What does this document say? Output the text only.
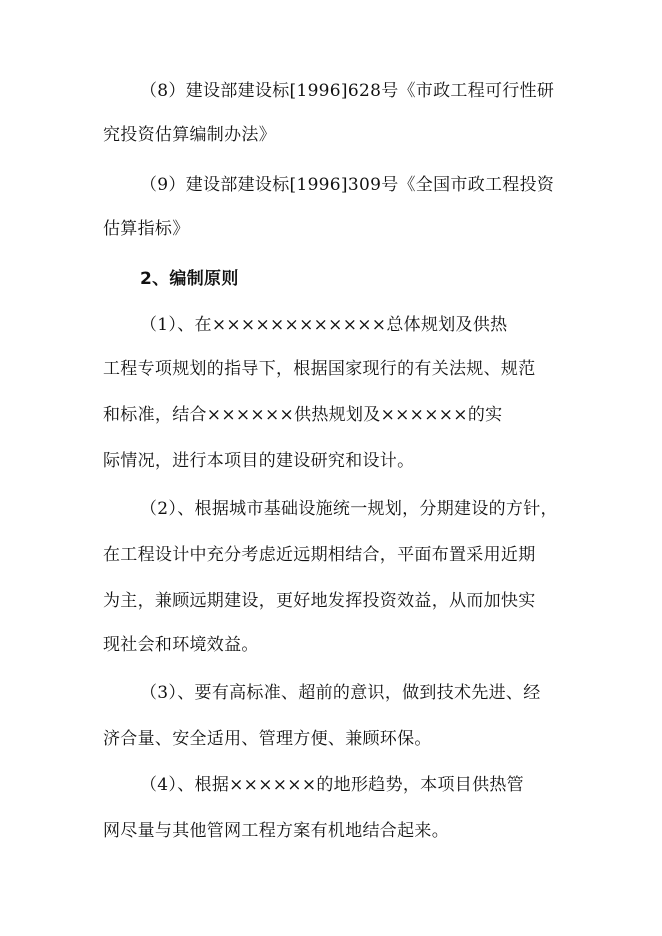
（8）建设部建设标[1996]628号《市政工程可行性研
究投资估算编制办法》
（9）建设部建设标[1996]309号《全国市政工程投资
估算指标》
2、编制原则
（1）、在××××××××××××总体规划及供热
工程专项规划的指导下，根据国家现行的有关法规、规范
和标准，结合××××××供热规划及××××××的实
际情况，进行本项目的建设研究和设计。
（2）、根据城市基础设施统一规划，分期建设的方针，
在工程设计中充分考虑近远期相结合，平面布置采用近期
为主，兼顾远期建设，更好地发挥投资效益，从而加快实
现社会和环境效益。
（3）、要有高标准、超前的意识，做到技术先进、经
济合量、安全适用、管理方便、兼顾环保。
（4）、根据××××××的地形趋势，本项目供热管
网尽量与其他管网工程方案有机地结合起来。
